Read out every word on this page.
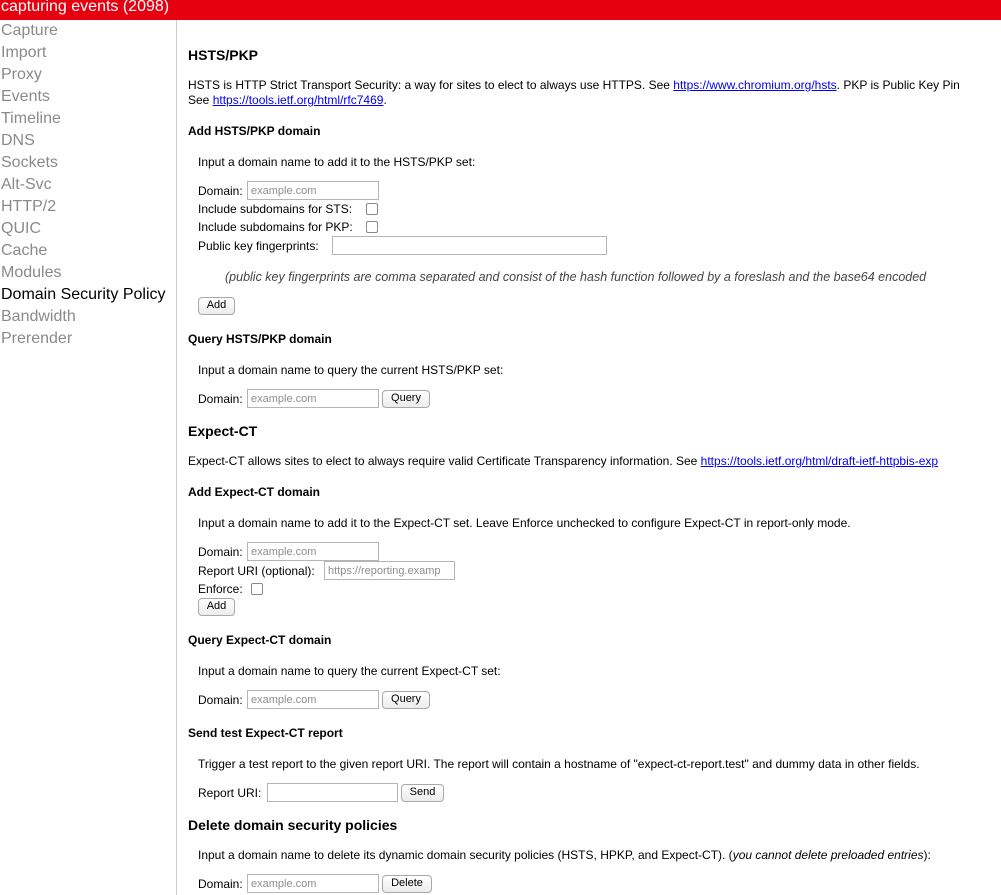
capturing events (2098)
Capture
Import
Proxy
Events
Timeline
DNS
Sockets
Alt-Svc
HTTP/2
QUIC
Cache
Modules
Domain Security Policy
Bandwidth
Prerender
HSTS/PKP
HSTS is HTTP Strict Transport Security: a way for sites to elect to always use HTTPS. See https://www.chromium.org/hsts. PKP is Public Key Pin
See https://tools.ietf.org/html/rfc7469.
Add HSTS/PKP domain
Input a domain name to add it to the HSTS/PKP set:
Domain:
example.com
Include subdomains for STS:
Include subdomains for PKP:
Public key fingerprints:
(public key fingerprints are comma separated and consist of the hash function followed by a foreslash and the base64 encoded
Add
Query HSTS/PKP domain
Input a domain name to query the current HSTS/PKP set:
Domain:
example.com	Query
Expect-CT
Expect-CT allows sites to elect to always require valid Certificate Transparency information. See https://tools.ietf.org/html/draft-ietf-httpbis-exp
Add Expect-CT domain
Input a domain name to add it to the Expect-CT set. Leave Enforce unchecked to configure Expect-CT in report-only mode.
Domain:
example.com
Report URI (optional):
https://reporting.examp
Enforce:
Add
Query Expect-CT domain
Input a domain name to query the current Expect-CT set:
Domain:
example.com	Query
Send test Expect-CT report
Trigger a test report to the given report URI. The report will contain a hostname of "expect-ct-report.test" and dummy data in other fields.
Report URI:	Send
Delete domain security policies
Input a domain name to delete its dynamic domain security policies (HSTS, HPKP, and Expect-CT). (you cannot delete preloaded entries):
Domain:
example.com	Delete
